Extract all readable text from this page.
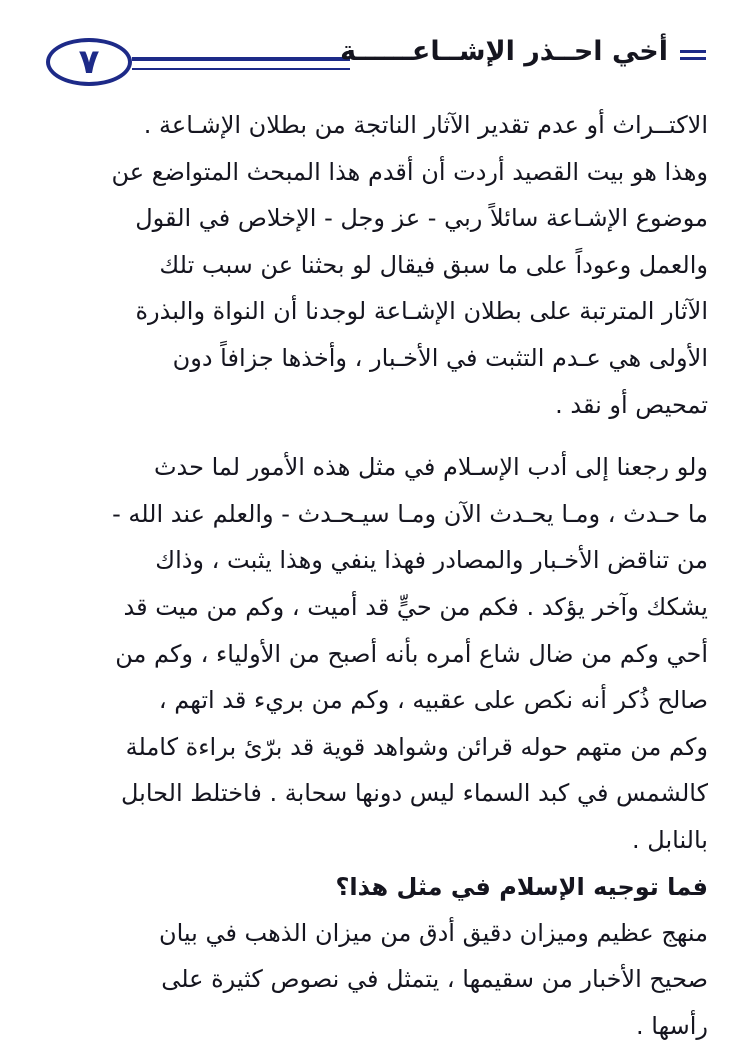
٧	أخي احــذر الإشــاعــــــة
الاكتــراث أو عدم تقدير الآثار الناتجة من بطلان الإشـاعة .
وهذا هو بيت القصيد أردت أن أقدم هذا المبحث المتواضع عن
موضوع الإشـاعة سائلاً ربي - عز وجل - الإخلاص في القول
والعمل وعوداً على ما سبق فيقال لو بحثنا عن سبب تلك
الآثار المترتبة على بطلان الإشـاعة لوجدنا أن النواة والبذرة
الأولى هي عـدم التثبت في الأخـبار ، وأخذها جزافاً دون
تمحيص أو نقد .
ولو رجعنا إلى أدب الإسـلام في مثل هذه الأمور لما حدث
ما حـدث ، ومـا يحـدث الآن ومـا سيـحـدث - والعلم عند الله -
من تناقض الأخـبار والمصادر فهذا ينفي وهذا يثبت ، وذاك
يشكك وآخر يؤكد . فكم من حيٍّ قد أميت ، وكم من ميت قد
أحي وكم من ضال شاع أمره بأنه أصبح من الأولياء ، وكم من
صالح ذُكر أنه نكص على عقبيه ، وكم من بريء قد اتهم ،
وكم من متهم حوله قرائن وشواهد قوية قد برّئ براءة كاملة
كالشمس في كبد السماء ليس دونها سحابة . فاختلط الحابل
بالنابل .
فما توجيه الإسلام في مثل هذا؟
منهج عظيم وميزان دقيق أدق من ميزان الذهب في بيان
صحيح الأخبار من سقيمها ، يتمثل في نصوص كثيرة على
رأسها .
